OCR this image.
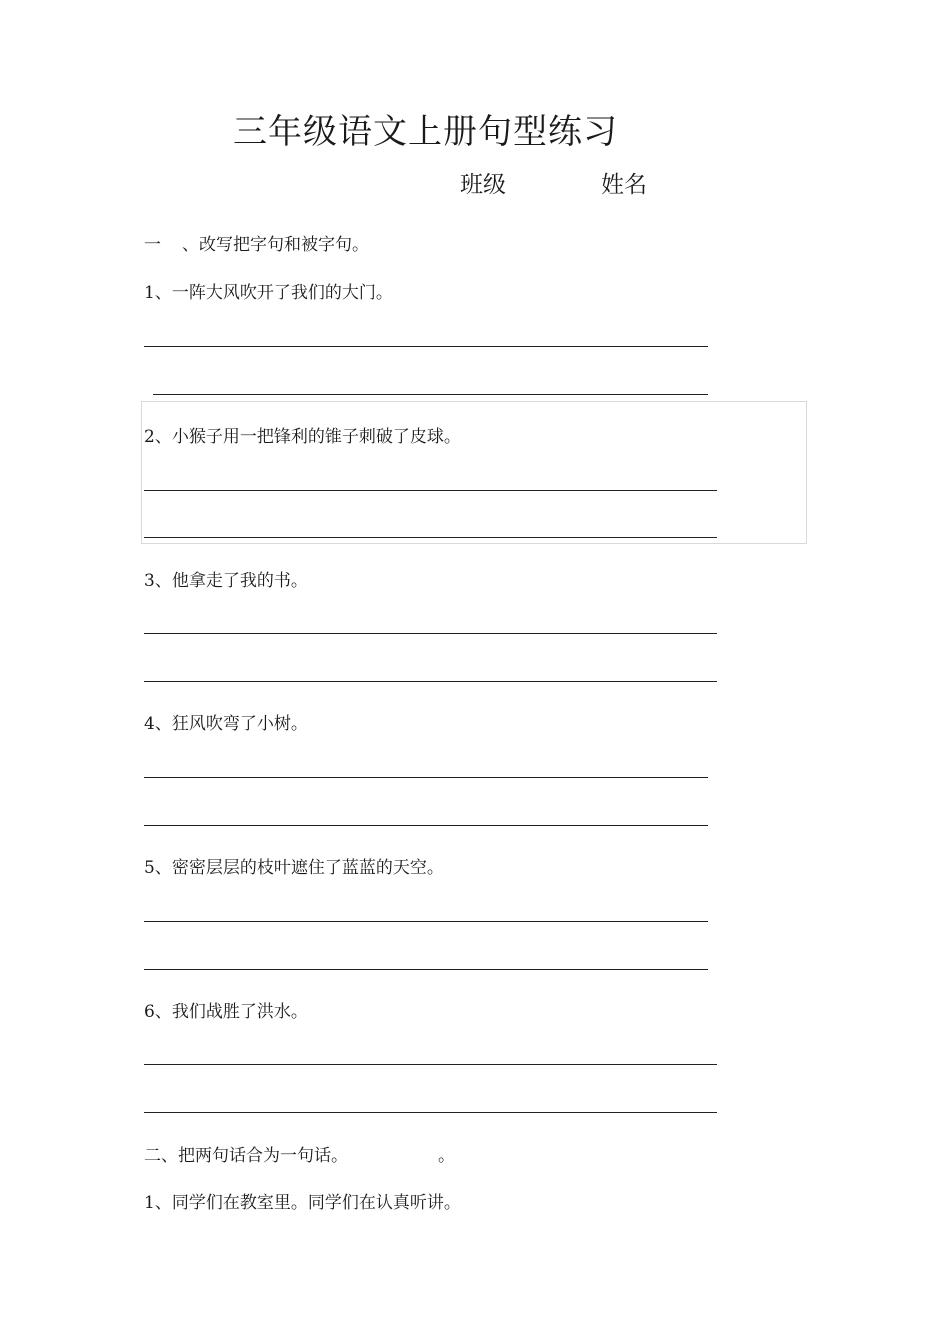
三年级语文上册句型练习
班级	姓名
一 、改写把字句和被字句。
1、一阵大风吹开了我们的大门。
2、小猴子用一把锋利的锥子刺破了皮球。
3、他拿走了我的书。
4、狂风吹弯了小树。
5、密密层层的枝叶遮住了蓝蓝的天空。
6、我们战胜了洪水。
二、把两句话合为一句话。	。
1、同学们在教室里。同学们在认真听讲。
